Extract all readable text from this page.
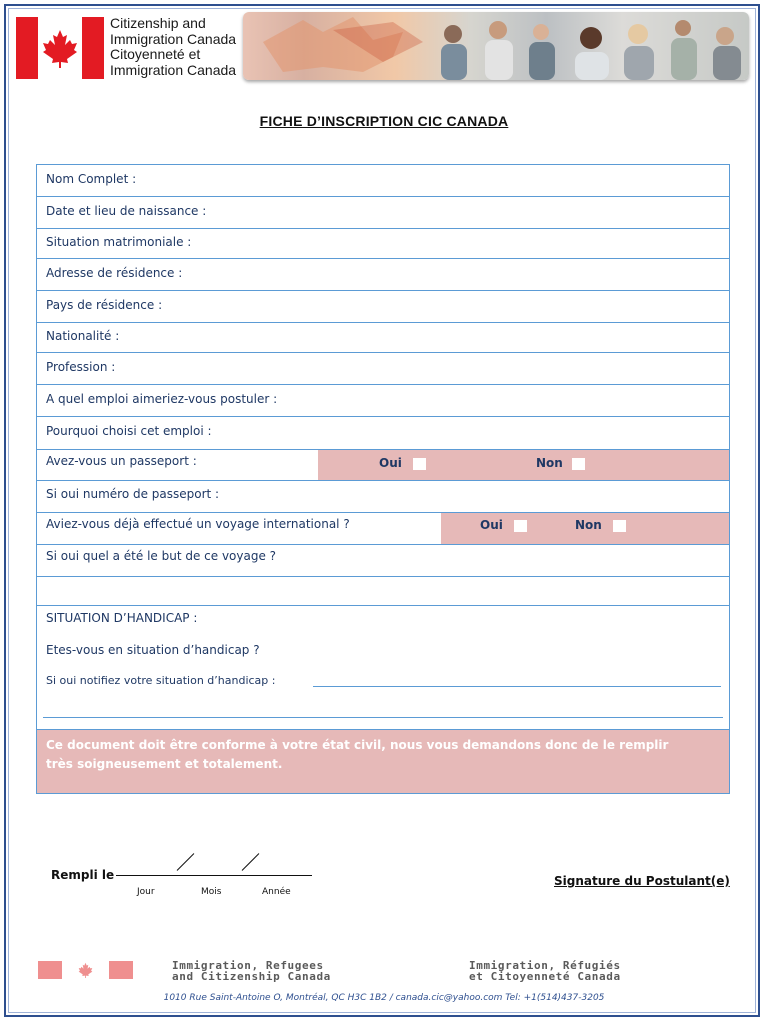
Citizenship and
Immigration Canada
Citoyenneté et
Immigration Canada
FICHE D’INSCRIPTION CIC CANADA
Nom Complet :
Date et lieu de naissance :
Situation matrimoniale :
Adresse de résidence :
Pays de résidence :
Nationalité :
Profession :
A quel emploi aimeriez-vous postuler :
Pourquoi choisi cet emploi :
Avez-vous un passeport :	Oui	Non
Si oui numéro de passeport :
Aviez-vous déjà effectué un voyage international ?	Oui	Non
Si oui quel a été le but de ce voyage ?
SITUATION D’HANDICAP :
Etes-vous en situation d’handicap ?
Si oui notifiez votre situation d’handicap :
Ce document doit être conforme à votre état civil, nous vous demandons donc de le remplir
très soigneusement et totalement.
Rempli le
Jour	Mois	Année
Signature du Postulant(e)
Immigration, Refugees
and Citizenship Canada
Immigration, Réfugiés
et Citoyenneté Canada
1010 Rue Saint-Antoine O, Montréal, QC H3C 1B2 / canada.cic@yahoo.com Tel: +1(514)437-3205
